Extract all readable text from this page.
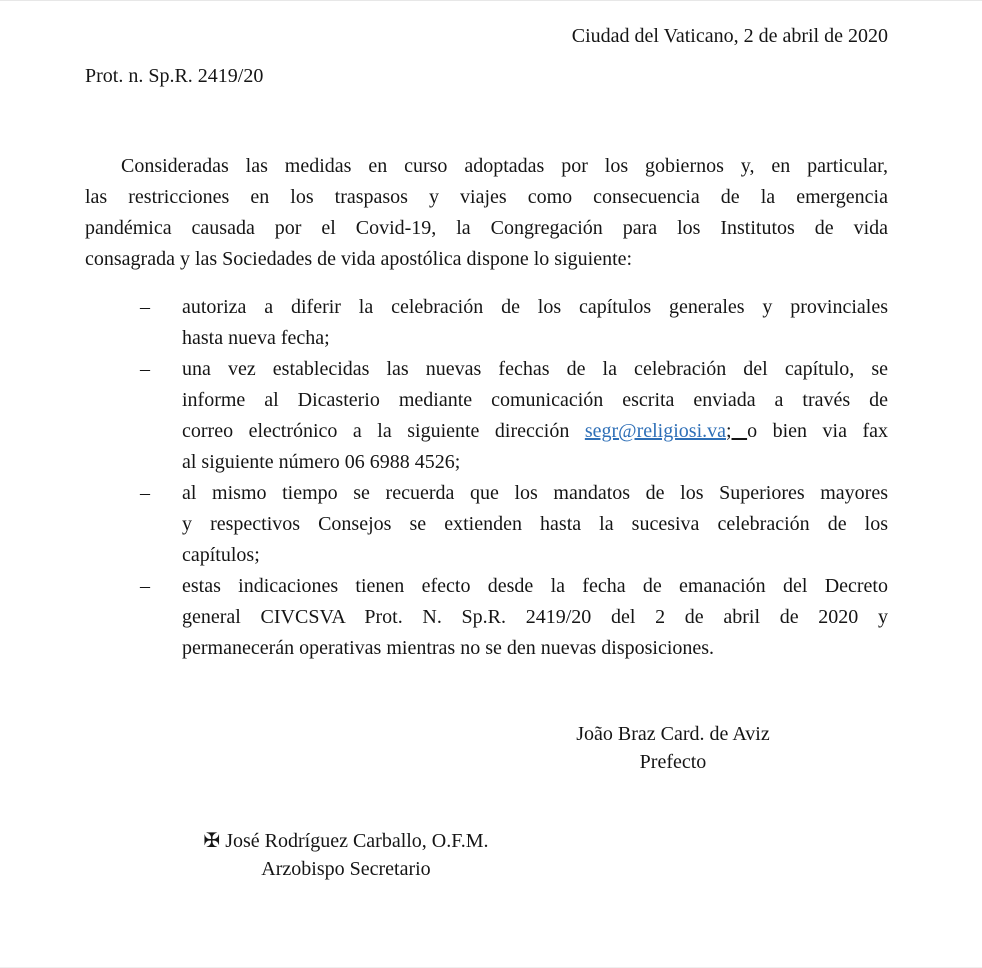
Ciudad del Vaticano, 2 de abril de 2020
Prot. n. Sp.R. 2419/20
Consideradas las medidas en curso adoptadas por los gobiernos y, en particular,
las restricciones en los traspasos y viajes como consecuencia de la emergencia
pandémica causada por el Covid-19, la Congregación para los Institutos de vida
consagrada y las Sociedades de vida apostólica dispone lo siguiente:
– autoriza a diferir la celebración de los capítulos generales y provinciales
hasta nueva fecha;
– una vez establecidas las nuevas fechas de la celebración del capítulo, se
informe al Dicasterio mediante comunicación escrita enviada a través de
correo electrónico a la siguiente dirección segr@religiosi.va; o bien via fax
al siguiente número 06 6988 4526;
– al mismo tiempo se recuerda que los mandatos de los Superiores mayores
y respectivos Consejos se extienden hasta la sucesiva celebración de los
capítulos;
– estas indicaciones tienen efecto desde la fecha de emanación del Decreto
general CIVCSVA Prot. N. Sp.R. 2419/20 del 2 de abril de 2020 y
permanecerán operativas mientras no se den nuevas disposiciones.
João Braz Card. de Aviz
Prefecto
✠ José Rodríguez Carballo, O.F.M.
Arzobispo Secretario
